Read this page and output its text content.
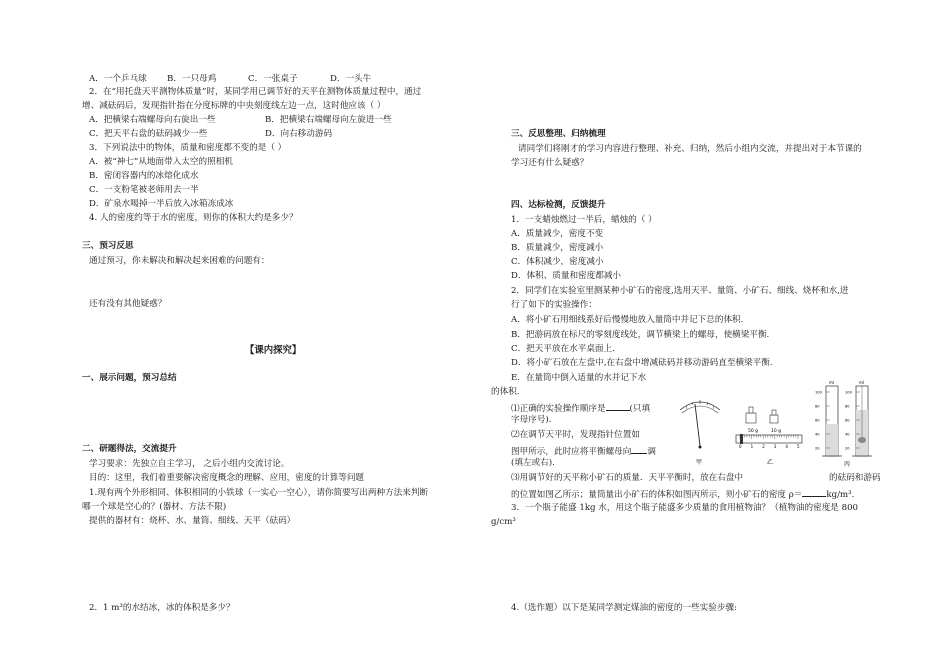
A．一个乒乓球 B．一只母鸡	C．一张桌子	D．一头牛
2．在“用托盘天平测物体质量”时，某同学用已调节好的天平在测物体质量过程中，通过
增、减砝码后，发现指针指在分度标牌的中央刻度线左边一点，这时他应该（ ）
A．把横梁右端螺母向右旋出一些	B．把横梁右端螺母向左旋进一些
C．把天平右盘的砝码减少一些	D．向右移动游码
3．下列说法中的物体，质量和密度都不变的是（ ）
A．被“神七”从地面带入太空的照相机
B．密闭容器内的冰熔化成水
C．一支粉笔被老师用去一半
D．矿泉水喝掉一半后放入冰箱冻成冰
4. 人的密度约等于水的密度，则你的体积大约是多少？
三、预习反思
通过预习，你未解决和解决起来困难的问题有：
还有没有其他疑惑？
【课内探究】
一、展示问题，预习总结
二、研题得法，交流提升
学习要求：先独立自主学习， 之后小组内交流讨论。
目的：这里，我们着重要解决密度概念的理解、应用，密度的计算等问题
1.现有两个外形相同、体积相同的小铁球（一实心一空心），请你简要写出两种方法来判断
哪一个球是空心的？(器材、方法不限)
提供的器材有：烧杯、水、量筒、细线、天平（砝码）
2．1 m³的水结冰，冰的体积是多少？
三、反思整理、归纳梳理
请同学们将刚才的学习内容进行整理、补充、归纳，然后小组内交流，并提出对于本节课的
学习还有什么疑惑？
四、达标检测，反馈提升
1．一支蜡烛燃过一半后，蜡烛的（ ）
A．质量减少，密度不变
B．质量减少，密度减小
C．体积减少，密度减小
D．体积、质量和密度都减小
2．同学们在实验室里测某种小矿石的密度,选用天平、量筒、小矿石、细线、烧杯和水,进
行了如下的实验操作：
A．将小矿石用细线系好后慢慢地放入量筒中并记下总的体积.
B．把游码放在标尺的零刻度线处，调节横梁上的螺母，使横梁平衡.
C．把天平放在水平桌面上.
D．将小矿石放在左盘中,在右盘中增减砝码并移动游码直至横梁平衡.
E．在量筒中倒入适量的水并记下水
的体积.
⑴正确的实验操作顺序是	(只填
字母序号).
⑵在调节天平时，发现指针位置如
图甲所示，此时应将平衡螺母向 调
(填左或右).
⑶用调节好的天平称小矿石的质量．天平平衡时，放在右盘中	的砝码和游码
的位置如图乙所示；量筒量出小矿石的体积如图丙所示，则小矿石的密度 ρ＝	kg/m³.
3．一个瓶子能盛 1kg 水，用这个瓶子能盛多少质量的食用植物油？（植物油的密度是 800
g/cm³
4.（选作题）以下是某同学测定煤油的密度的一些实验步骤:
甲
50 g	10 g
0 1 2 3 4 5
乙
100
80
60
40
20
100
80
60
40
20
ml	ml
丙
